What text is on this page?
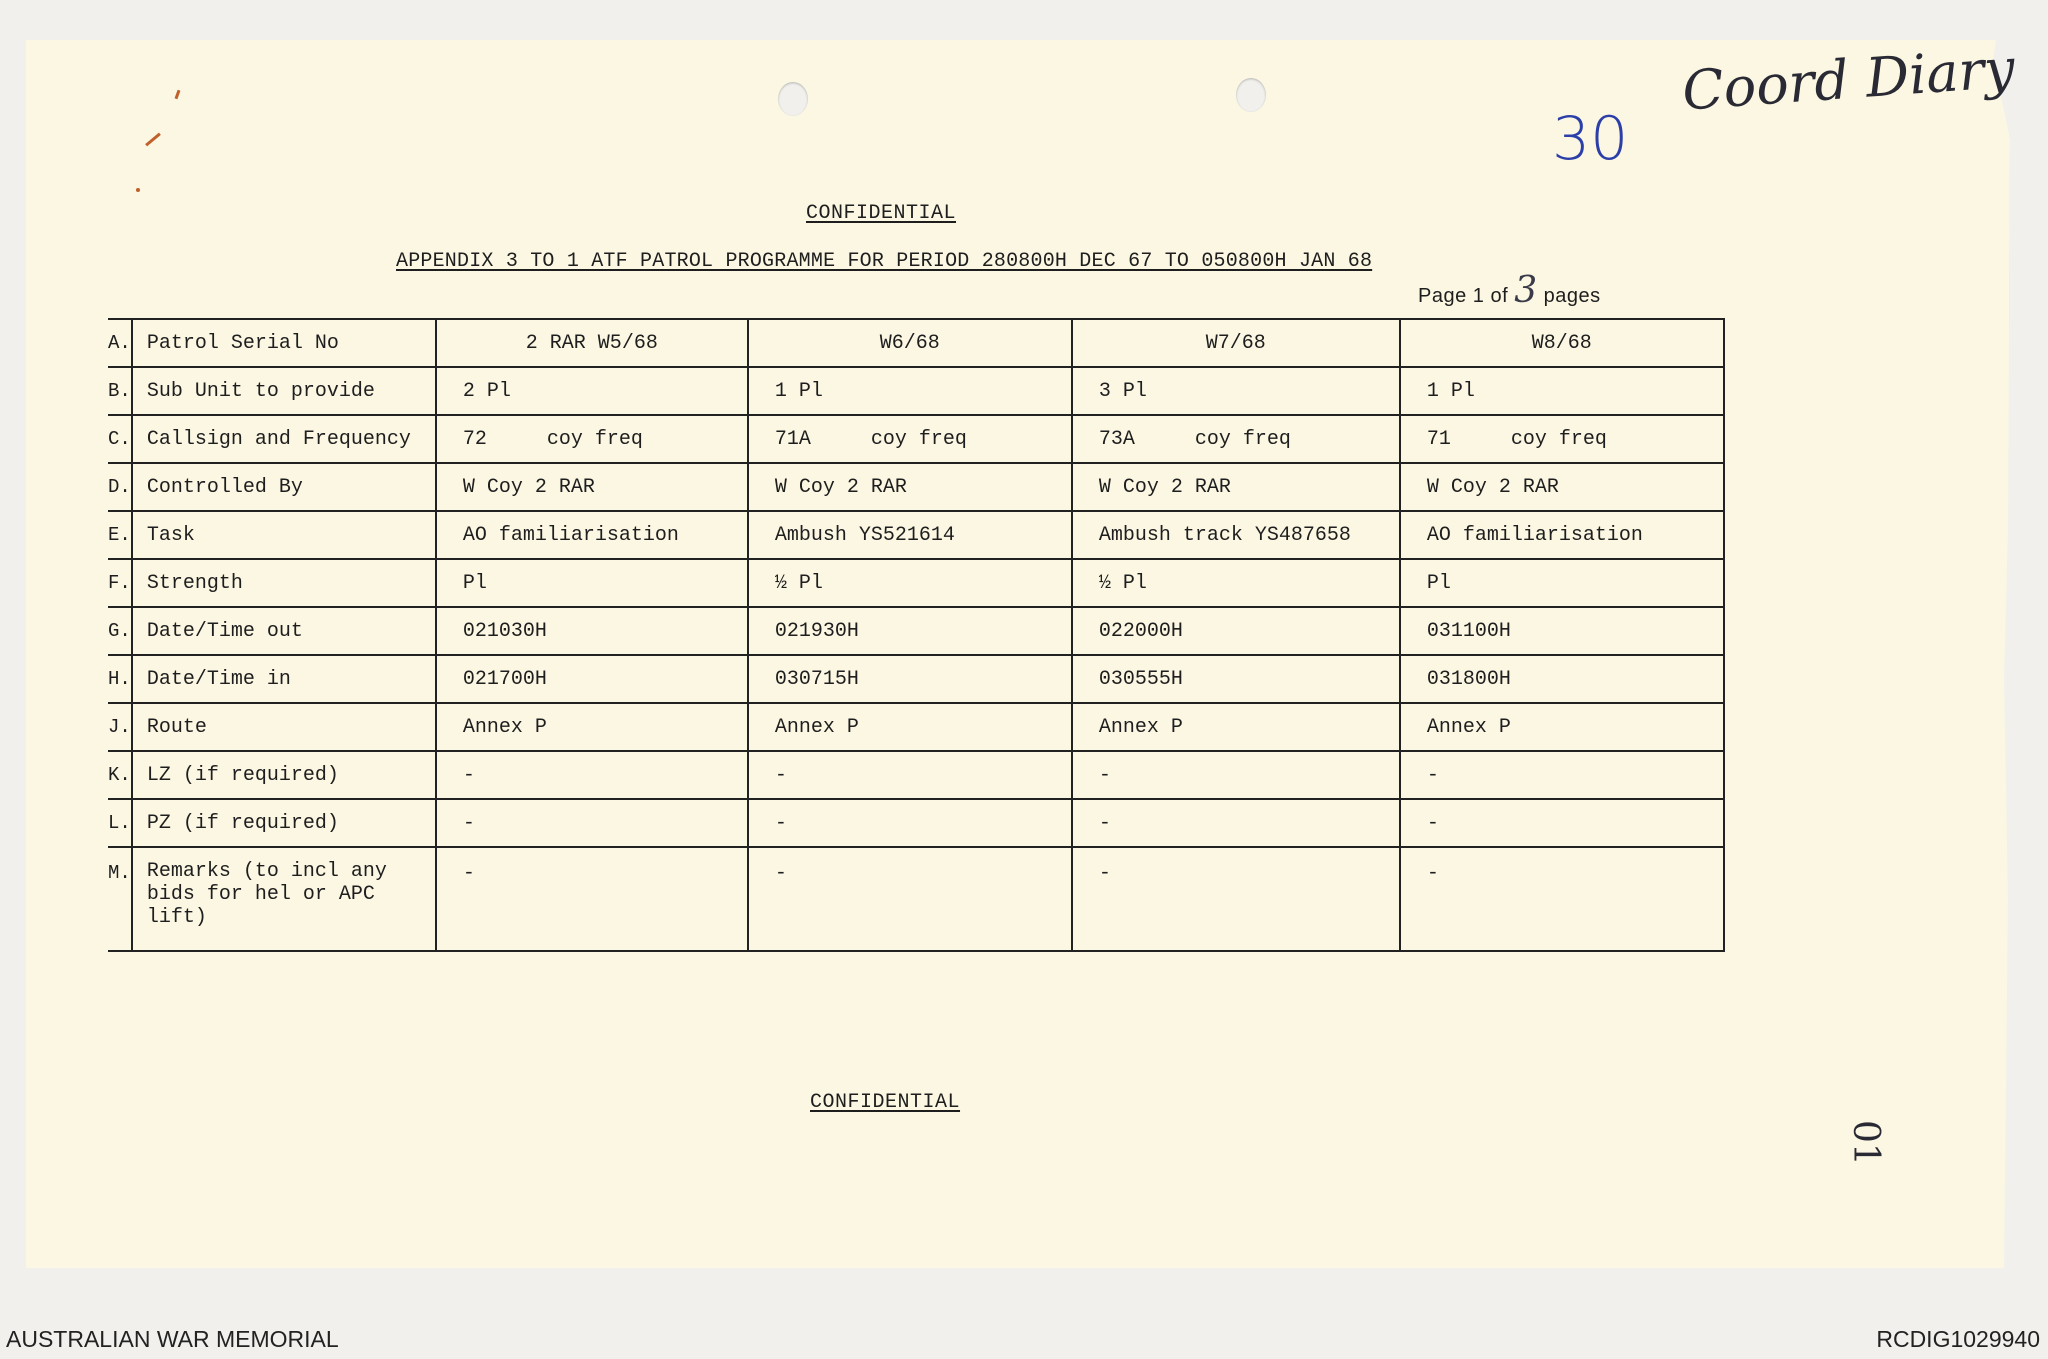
Coord Diary
30
01
CONFIDENTIAL
APPENDIX 3 TO 1 ATF PATROL PROGRAMME FOR PERIOD 280800H DEC 67 TO 050800H JAN 68
Page 1 of 3 pages
A.	Patrol Serial No	2 RAR W5/68	W6/68	W7/68	W8/68
B.	Sub Unit to provide	2 Pl	1 Pl	3 Pl	1 Pl
C.	Callsign and Frequency	72     coy freq	71A     coy freq	73A     coy freq	71     coy freq
D.	Controlled By	W Coy 2 RAR	W Coy 2 RAR	W Coy 2 RAR	W Coy 2 RAR
E.	Task	AO familiarisation	Ambush YS521614	Ambush track YS487658	AO familiarisation
F.	Strength	Pl	½ Pl	½ Pl	Pl
G.	Date/Time out	021030H	021930H	022000H	031100H
H.	Date/Time in	021700H	030715H	030555H	031800H
J.	Route	Annex P	Annex P	Annex P	Annex P
K.	LZ (if required)	-	-	-	-
L.	PZ (if required)	-	-	-	-
M.	Remarks (to incl any bids for hel or APC lift)	-	-	-	-
CONFIDENTIAL
AUSTRALIAN WAR MEMORIAL	RCDIG1029940
